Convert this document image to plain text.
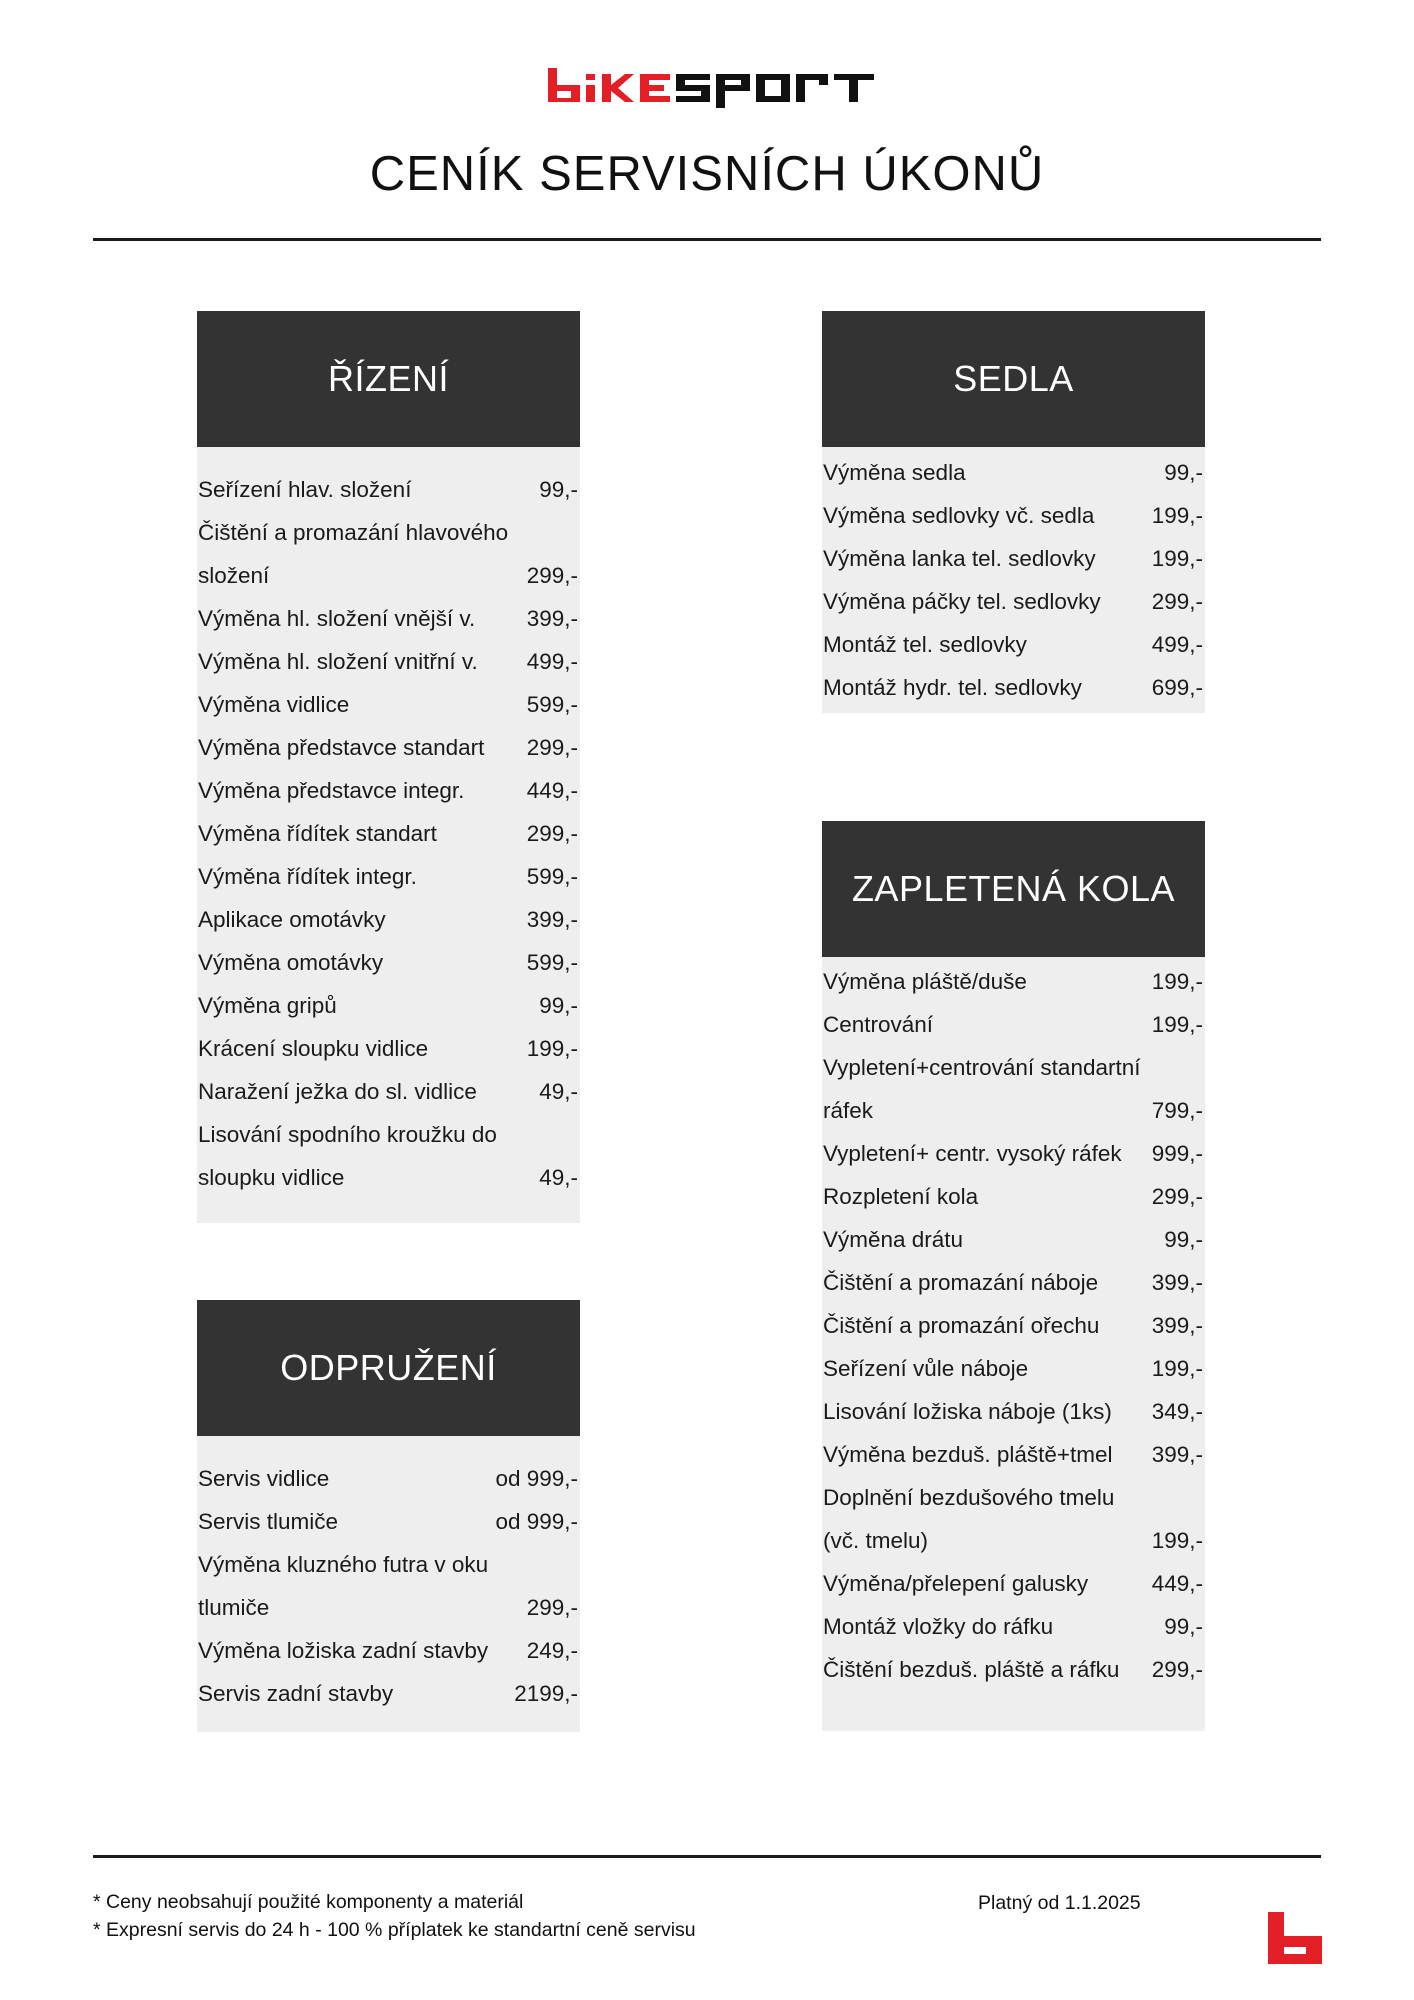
CENÍK SERVISNÍCH ÚKONŮ
ŘÍZENÍ
Seřízení hlav. složení	99,-
Čištění a promazání hlavového složení	299,-
Výměna hl. složení vnější v.	399,-
Výměna hl. složení vnitřní v.	499,-
Výměna vidlice	599,-
Výměna představce standart	299,-
Výměna představce integr.	449,-
Výměna řídítek standart	299,-
Výměna řídítek integr.	599,-
Aplikace omotávky	399,-
Výměna omotávky	599,-
Výměna gripů	99,-
Krácení sloupku vidlice	199,-
Naražení ježka do sl. vidlice	49,-
Lisování spodního kroužku do sloupku vidlice	49,-
SEDLA
Výměna sedla	99,-
Výměna sedlovky vč. sedla	199,-
Výměna lanka tel. sedlovky	199,-
Výměna páčky tel. sedlovky	299,-
Montáž tel. sedlovky	499,-
Montáž hydr. tel. sedlovky	699,-
ODPRUŽENÍ
Servis vidlice	od 999,-
Servis tlumiče	od 999,-
Výměna kluzného futra v oku tlumiče	299,-
Výměna ložiska zadní stavby	249,-
Servis zadní stavby	2199,-
ZAPLETENÁ KOLA
Výměna pláště/duše	199,-
Centrování	199,-
Vypletení+centrování standartní ráfek	799,-
Vypletení+ centr. vysoký ráfek	999,-
Rozpletení kola	299,-
Výměna drátu	99,-
Čištění a promazání náboje	399,-
Čištění a promazání ořechu	399,-
Seřízení vůle náboje	199,-
Lisování ložiska náboje (1ks)	349,-
Výměna bezduš. pláště+tmel	399,-
Doplnění bezdušového tmelu (vč. tmelu)	199,-
Výměna/přelepení galusky	449,-
Montáž vložky do ráfku	99,-
Čištění bezduš. pláště a ráfku	299,-
* Ceny neobsahují použité komponenty a materiál
* Expresní servis do 24 h - 100 % příplatek ke standartní ceně servisu
Platný od 1.1.2025
